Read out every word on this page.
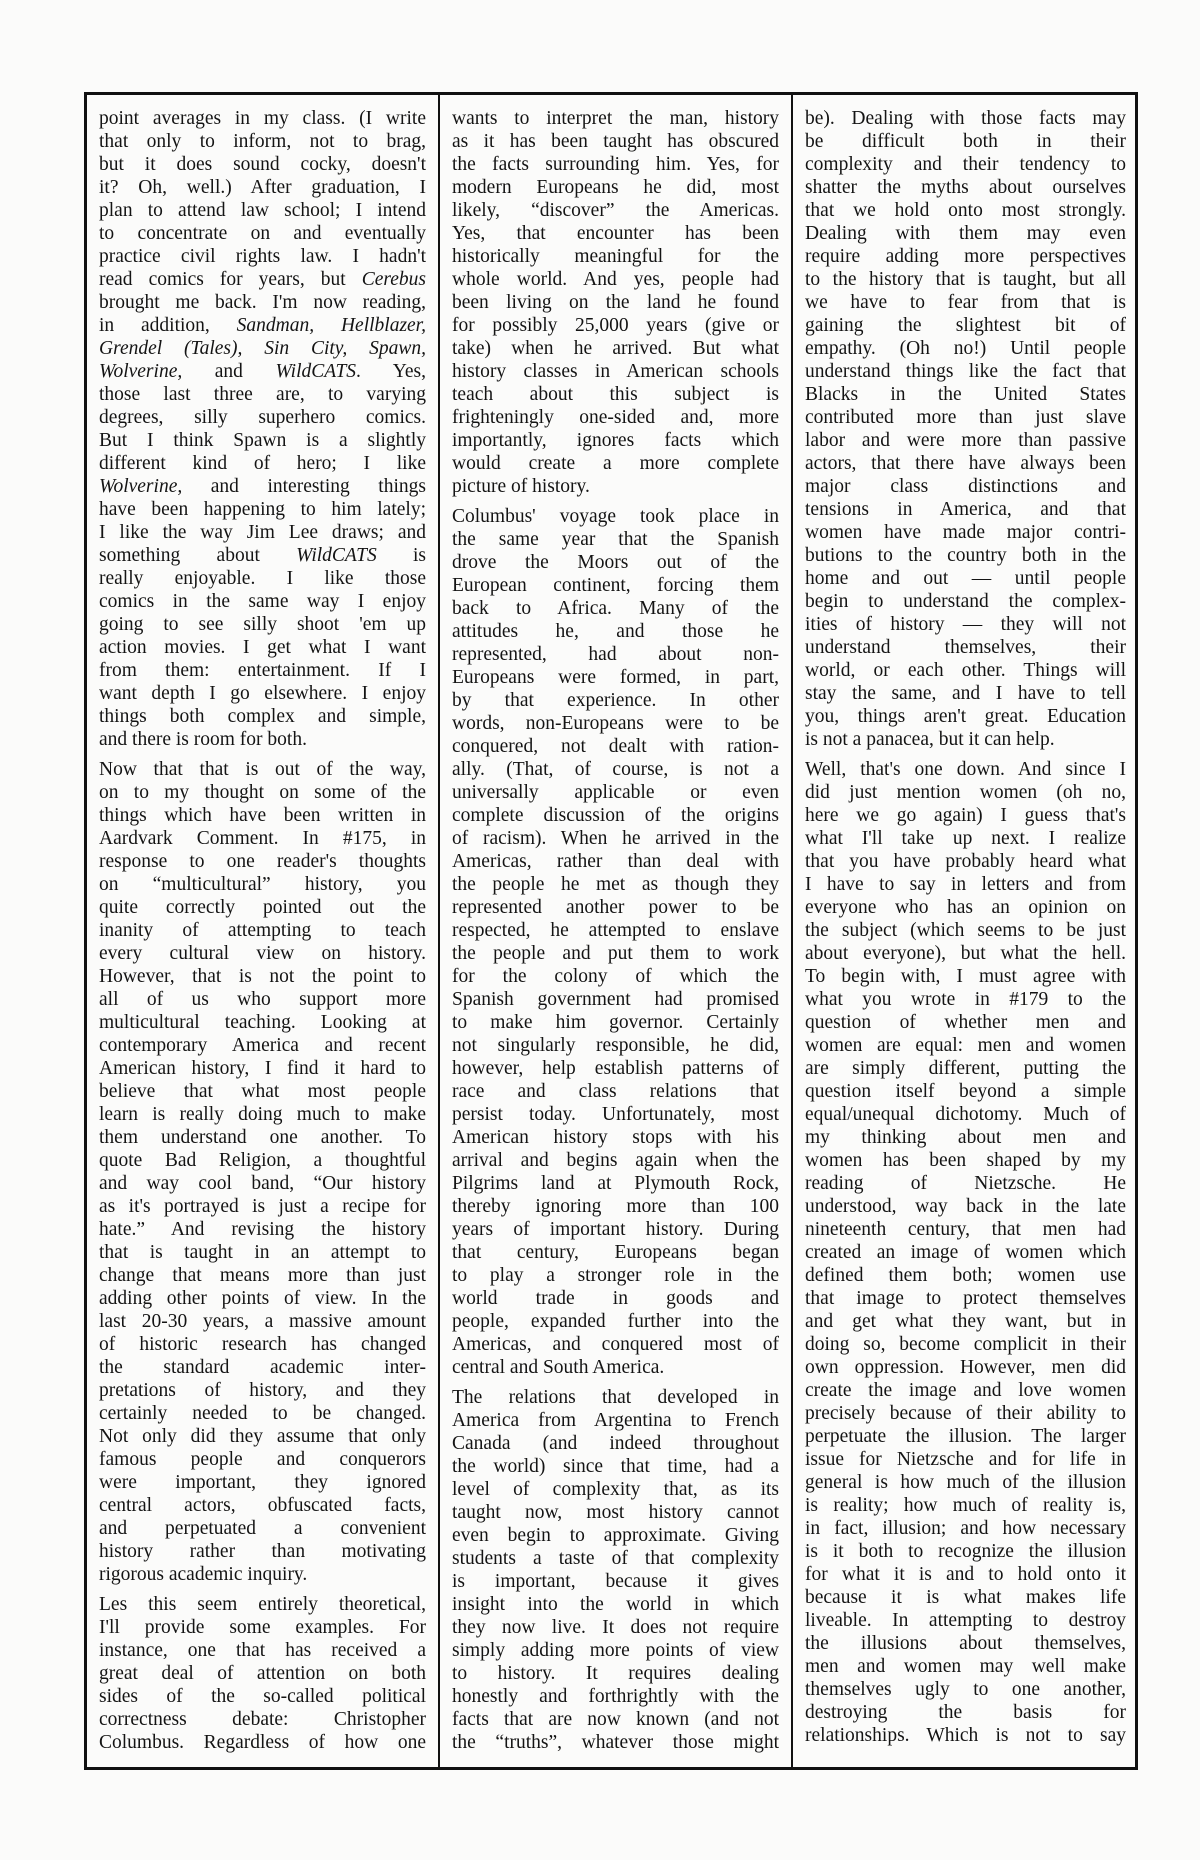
point averages in my class. (I write
that only to inform, not to brag,
but it does sound cocky, doesn't
it? Oh, well.) After graduation, I
plan to attend law school; I intend
to concentrate on and eventually
practice civil rights law. I hadn't
read comics for years, but Cerebus
brought me back. I'm now reading,
in addition, Sandman, Hellblazer,
Grendel (Tales), Sin City, Spawn,
Wolverine, and WildCATS. Yes,
those last three are, to varying
degrees, silly superhero comics.
But I think Spawn is a slightly
different kind of hero; I like
Wolverine, and interesting things
have been happening to him lately;
I like the way Jim Lee draws; and
something about WildCATS is
really enjoyable. I like those
comics in the same way I enjoy
going to see silly shoot 'em up
action movies. I get what I want
from them: entertainment. If I
want depth I go elsewhere. I enjoy
things both complex and simple,
and there is room for both.
Now that that is out of the way,
on to my thought on some of the
things which have been written in
Aardvark Comment. In #175, in
response to one reader's thoughts
on “multicultural” history, you
quite correctly pointed out the
inanity of attempting to teach
every cultural view on history.
However, that is not the point to
all of us who support more
multicultural teaching. Looking at
contemporary America and recent
American history, I find it hard to
believe that what most people
learn is really doing much to make
them understand one another. To
quote Bad Religion, a thoughtful
and way cool band, “Our history
as it's portrayed is just a recipe for
hate.” And revising the history
that is taught in an attempt to
change that means more than just
adding other points of view. In the
last 20-30 years, a massive amount
of historic research has changed
the standard academic inter-
pretations of history, and they
certainly needed to be changed.
Not only did they assume that only
famous people and conquerors
were important, they ignored
central actors, obfuscated facts,
and perpetuated a convenient
history rather than motivating
rigorous academic inquiry.
Les this seem entirely theoretical,
I'll provide some examples. For
instance, one that has received a
great deal of attention on both
sides of the so-called political
correctness debate: Christopher
Columbus. Regardless of how one
wants to interpret the man, history
as it has been taught has obscured
the facts surrounding him. Yes, for
modern Europeans he did, most
likely, “discover” the Americas.
Yes, that encounter has been
historically meaningful for the
whole world. And yes, people had
been living on the land he found
for possibly 25,000 years (give or
take) when he arrived. But what
history classes in American schools
teach about this subject is
frighteningly one-sided and, more
importantly, ignores facts which
would create a more complete
picture of history.
Columbus' voyage took place in
the same year that the Spanish
drove the Moors out of the
European continent, forcing them
back to Africa. Many of the
attitudes he, and those he
represented, had about non-
Europeans were formed, in part,
by that experience. In other
words, non-Europeans were to be
conquered, not dealt with ration-
ally. (That, of course, is not a
universally applicable or even
complete discussion of the origins
of racism). When he arrived in the
Americas, rather than deal with
the people he met as though they
represented another power to be
respected, he attempted to enslave
the people and put them to work
for the colony of which the
Spanish government had promised
to make him governor. Certainly
not singularly responsible, he did,
however, help establish patterns of
race and class relations that
persist today. Unfortunately, most
American history stops with his
arrival and begins again when the
Pilgrims land at Plymouth Rock,
thereby ignoring more than 100
years of important history. During
that century, Europeans began
to play a stronger role in the
world trade in goods and
people, expanded further into the
Americas, and conquered most of
central and South America.
The relations that developed in
America from Argentina to French
Canada (and indeed throughout
the world) since that time, had a
level of complexity that, as its
taught now, most history cannot
even begin to approximate. Giving
students a taste of that complexity
is important, because it gives
insight into the world in which
they now live. It does not require
simply adding more points of view
to history. It requires dealing
honestly and forthrightly with the
facts that are now known (and not
the “truths”, whatever those might
be). Dealing with those facts may
be difficult both in their
complexity and their tendency to
shatter the myths about ourselves
that we hold onto most strongly.
Dealing with them may even
require adding more perspectives
to the history that is taught, but all
we have to fear from that is
gaining the slightest bit of
empathy. (Oh no!) Until people
understand things like the fact that
Blacks in the United States
contributed more than just slave
labor and were more than passive
actors, that there have always been
major class distinctions and
tensions in America, and that
women have made major contri-
butions to the country both in the
home and out — until people
begin to understand the complex-
ities of history — they will not
understand themselves, their
world, or each other. Things will
stay the same, and I have to tell
you, things aren't great. Education
is not a panacea, but it can help.
Well, that's one down. And since I
did just mention women (oh no,
here we go again) I guess that's
what I'll take up next. I realize
that you have probably heard what
I have to say in letters and from
everyone who has an opinion on
the subject (which seems to be just
about everyone), but what the hell.
To begin with, I must agree with
what you wrote in #179 to the
question of whether men and
women are equal: men and women
are simply different, putting the
question itself beyond a simple
equal/unequal dichotomy. Much of
my thinking about men and
women has been shaped by my
reading of Nietzsche. He
understood, way back in the late
nineteenth century, that men had
created an image of women which
defined them both; women use
that image to protect themselves
and get what they want, but in
doing so, become complicit in their
own oppression. However, men did
create the image and love women
precisely because of their ability to
perpetuate the illusion. The larger
issue for Nietzsche and for life in
general is how much of the illusion
is reality; how much of reality is,
in fact, illusion; and how necessary
is it both to recognize the illusion
for what it is and to hold onto it
because it is what makes life
liveable. In attempting to destroy
the illusions about themselves,
men and women may well make
themselves ugly to one another,
destroying the basis for
relationships. Which is not to say
